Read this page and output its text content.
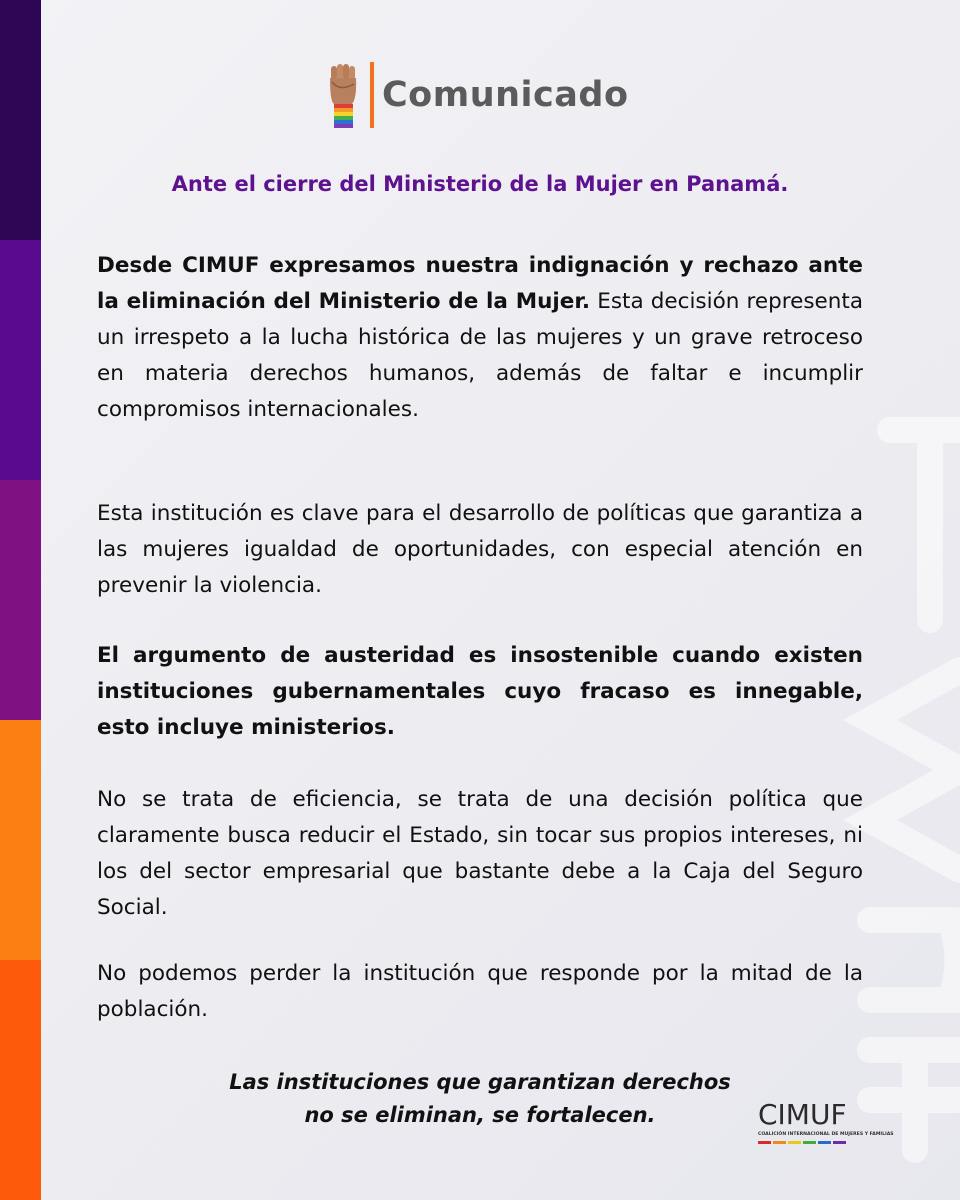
Comunicado
Ante el cierre del Ministerio de la Mujer en Panamá.

Desde CIMUF expresamos nuestra indignación y rechazo ante la eliminación del Ministerio de la Mujer. Esta decisión representa un irrespeto a la lucha histórica de las mujeres y un grave retroceso en materia derechos humanos, además de faltar e incumplir compromisos internacionales.

Esta institución es clave para el desarrollo de políticas que garantiza a las mujeres igualdad de oportunidades, con especial atención en prevenir la violencia.

El argumento de austeridad es insostenible cuando existen instituciones gubernamentales cuyo fracaso es innegable, esto incluye ministerios.

No se trata de eficiencia, se trata de una decisión política que claramente busca reducir el Estado, sin tocar sus propios intereses, ni los del sector empresarial que bastante debe a la Caja del Seguro Social.

No podemos perder la institución que responde por la mitad de la población.

Las instituciones que garantizan derechos
no se eliminan, se fortalecen.	CIMUF
COALICIÓN INTERNACIONAL DE MUJERES Y FAMILIAS
